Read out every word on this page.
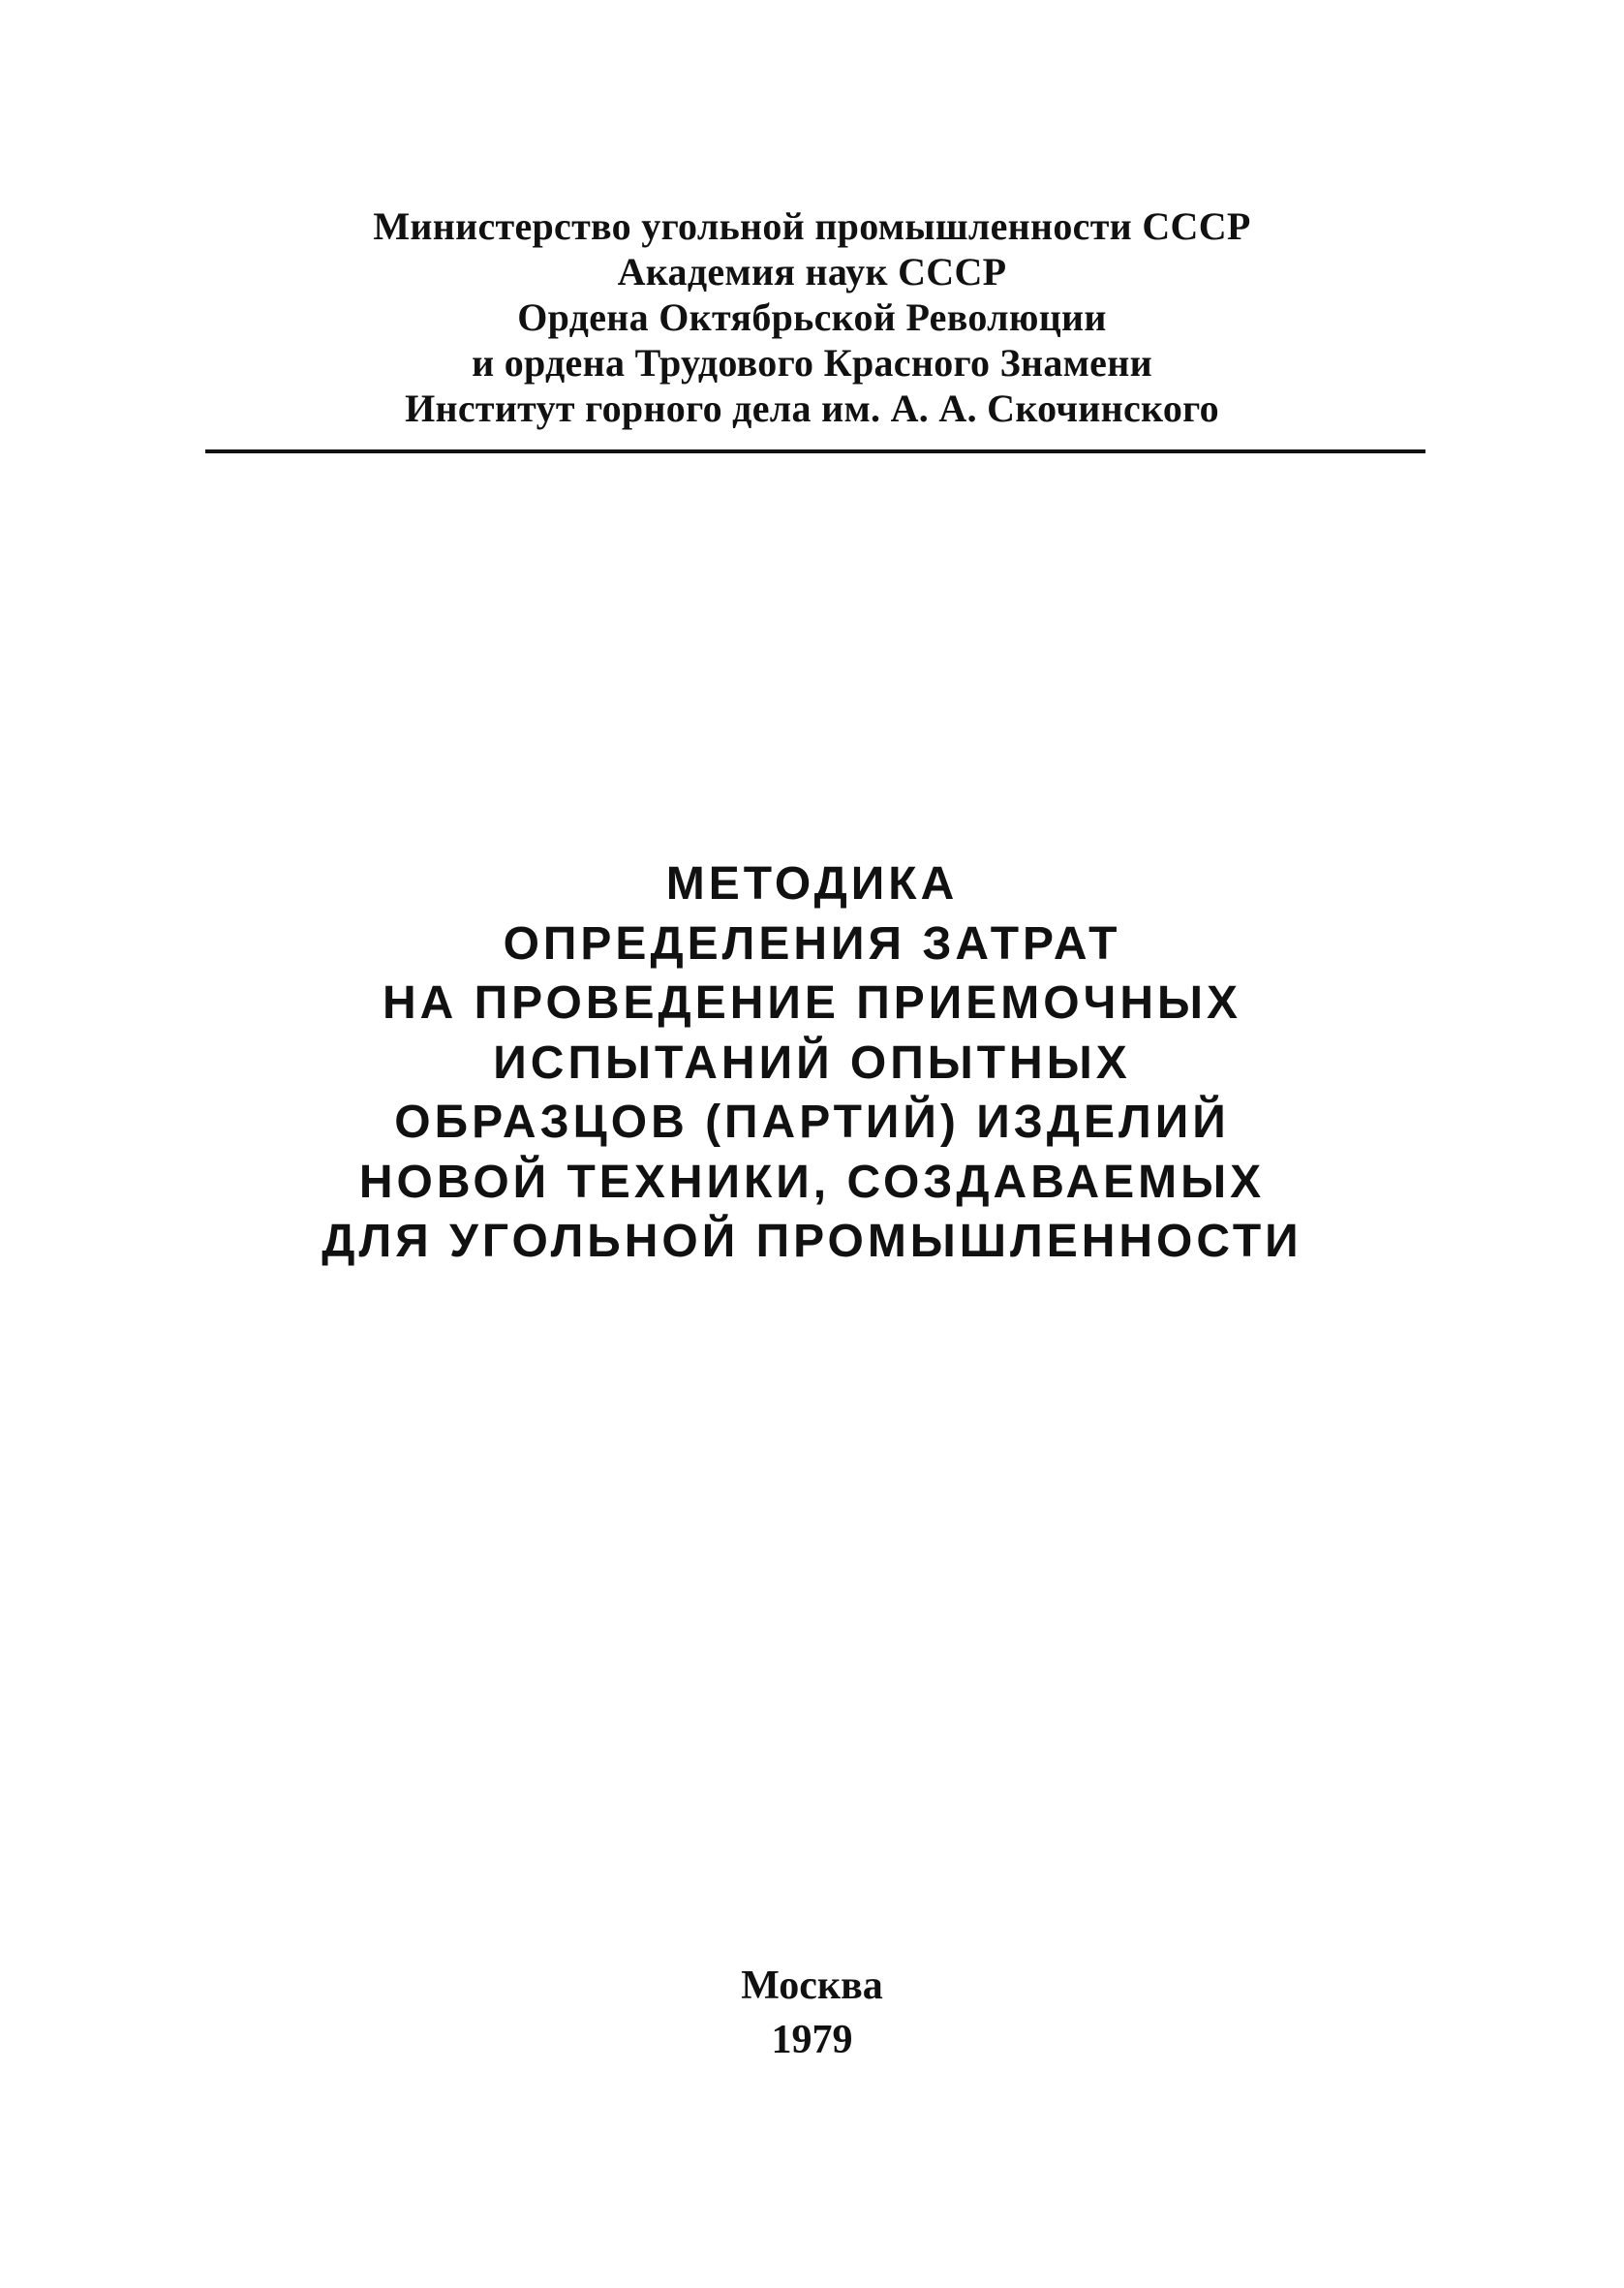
Министерство угольной промышленности СССР
Академия наук СССР
Ордена Октябрьской Революции
и ордена Трудового Красного Знамени
Институт горного дела им. А. А. Скочинского
МЕТОДИКА
ОПРЕДЕЛЕНИЯ ЗАТРАТ
НА ПРОВЕДЕНИЕ ПРИЕМОЧНЫХ
ИСПЫТАНИЙ ОПЫТНЫХ
ОБРАЗЦОВ (ПАРТИЙ) ИЗДЕЛИЙ
НОВОЙ ТЕХНИКИ, СОЗДАВАЕМЫХ
ДЛЯ УГОЛЬНОЙ ПРОМЫШЛЕННОСТИ
Москва
1979
